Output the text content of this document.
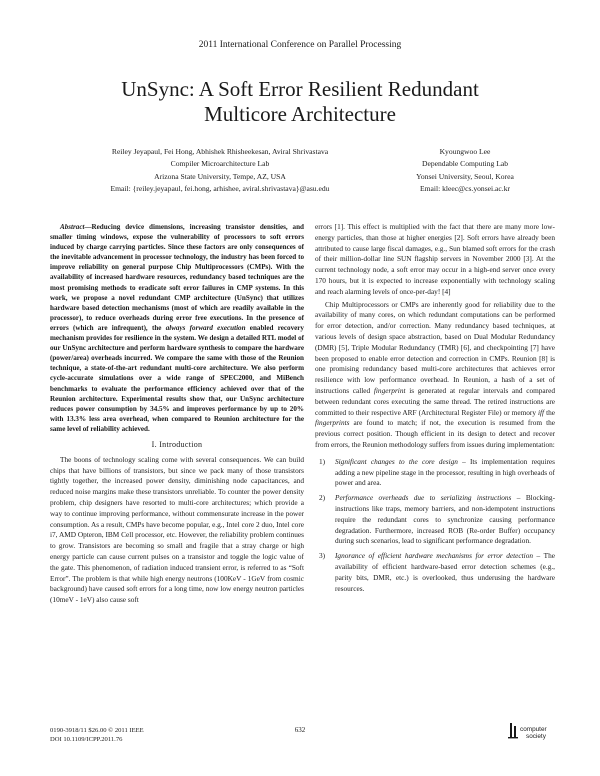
2011 International Conference on Parallel Processing
UnSync: A Soft Error Resilient Redundant
Multicore Architecture
Reiley Jeyapaul, Fei Hong, Abhishek Rhisheekesan, Aviral Shrivastava
Compiler Microarchitecture Lab
Arizona State University, Tempe, AZ, USA
Email: {reiley.jeyapaul, fei.hong, arhishee, aviral.shrivastava}@asu.edu
Kyoungwoo Lee
Dependable Computing Lab
Yonsei University, Seoul, Korea
Email: kleec@cs.yonsei.ac.kr

Abstract—Reducing device dimensions, increasing transistor densities, and smaller timing windows, expose the vulnerability of processors to soft errors induced by charge carrying particles. Since these factors are only consequences of the inevitable advancement in processor technology, the industry has been forced to improve reliability on general purpose Chip Multiprocessors (CMPs). With the availability of increased hardware resources, redundancy based techniques are the most promising methods to eradicate soft error failures in CMP systems. In this work, we propose a novel redundant CMP architecture (UnSync) that utilizes hardware based detection mechanisms (most of which are readily available in the processor), to reduce overheads during error free executions. In the presence of errors (which are infrequent), the always forward execution enabled recovery mechanism provides for resilience in the system. We design a detailed RTL model of our UnSync architecture and perform hardware synthesis to compare the hardware (power/area) overheads incurred. We compare the same with those of the Reunion technique, a state-of-the-art redundant multi-core architecture. We also perform cycle-accurate simulations over a wide range of SPEC2000, and MiBench benchmarks to evaluate the performance efficiency achieved over that of the Reunion architecture. Experimental results show that, our UnSync architecture reduces power consumption by 34.5% and improves performance by up to 20% with 13.3% less area overhead, when compared to Reunion architecture for the same level of reliability achieved.

I. Introduction

The boons of technology scaling come with several consequences. We can build chips that have billions of transistors, but since we pack many of those transistors tightly together, the increased power density, diminishing node capacitances, and reduced noise margins make these transistors unreliable. To counter the power density problem, chip designers have resorted to multi-core architectures; which provide a way to continue improving performance, without commensurate increase in the power consumption. As a result, CMPs have become popular, e.g., Intel core 2 duo, Intel core i7, AMD Opteron, IBM Cell processor, etc. However, the reliability problem continues to grow. Transistors are becoming so small and fragile that a stray charge or high energy particle can cause current pulses on a transistor and toggle the logic value of the gate. This phenomenon, of radiation induced transient error, is referred to as “Soft Error”. The problem is that while high energy neutrons (100KeV - 1GeV from cosmic background) have caused soft errors for a long time, now low energy neutron particles (10meV - 1eV) also cause soft

errors [1]. This effect is multiplied with the fact that there are many more low-energy particles, than those at higher energies [2]. Soft errors have already been attributed to cause large fiscal damages, e.g., Sun blamed soft errors for the crash of their million-dollar line SUN flagship servers in November 2000 [3]. At the current technology node, a soft error may occur in a high-end server once every 170 hours, but it is expected to increase exponentially with technology scaling and reach alarming levels of once-per-day! [4]

Chip Multiprocessors or CMPs are inherently good for reliability due to the availability of many cores, on which redundant computations can be performed for error detection, and/or correction. Many redundancy based techniques, at various levels of design space abstraction, based on Dual Modular Redundancy (DMR) [5], Triple Modular Redundancy (TMR) [6], and checkpointing [7] have been proposed to enable error detection and correction in CMPs. Reunion [8] is one promising redundancy based multi-core architectures that achieves error resilience with low performance overhead. In Reunion, a hash of a set of instructions called fingerprint is generated at regular intervals and compared between redundant cores executing the same thread. The retired instructions are committed to their respective ARF (Architectural Register File) or memory iff the fingerprints are found to match; if not, the execution is resumed from the previous correct position. Though efficient in its design to detect and recover from errors, the Reunion methodology suffers from issues during implementation:

1) Significant changes to the core design – Its implementation requires adding a new pipeline stage in the processor, resulting in high overheads of power and area.
2) Performance overheads due to serializing instructions – Blocking-instructions like traps, memory barriers, and non-idempotent instructions require the redundant cores to synchronize causing performance degradation. Furthermore, increased ROB (Re-order Buffer) occupancy during such scenarios, lead to significant performance degradation.
3) Ignorance of efficient hardware mechanisms for error detection – The availability of efficient hardware-based error detection schemes (e.g., parity bits, DMR, etc.) is overlooked, thus underusing the hardware resources.
0190-3918/11 $26.00 © 2011 IEEE
DOI 10.1109/ICPP.2011.76
632	computer
society
